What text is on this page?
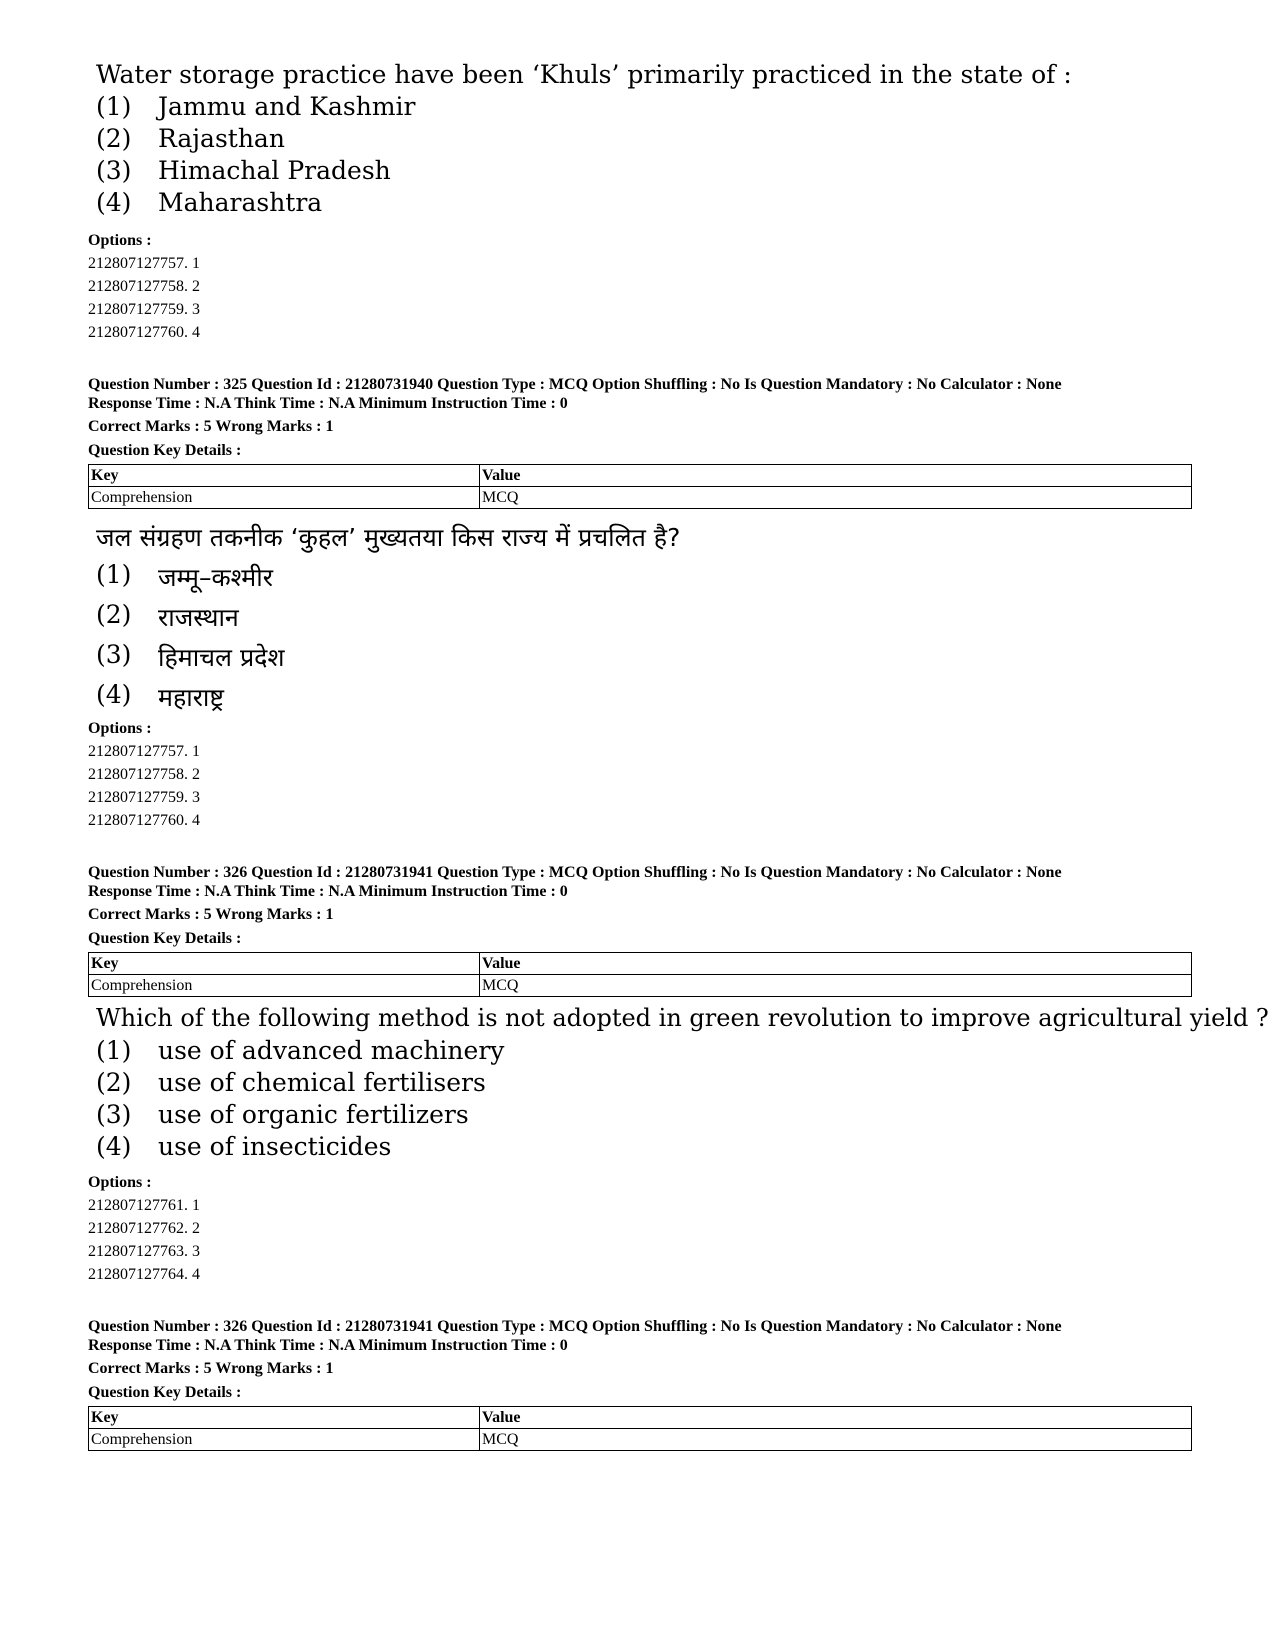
Water storage practice have been ‘Khuls’ primarily practiced in the state of :
(1) Jammu and Kashmir
(2) Rajasthan
(3) Himachal Pradesh
(4) Maharashtra
Options :
212807127757. 1
212807127758. 2
212807127759. 3
212807127760. 4
Question Number : 325 Question Id : 21280731940 Question Type : MCQ Option Shuffling : No Is Question Mandatory : No Calculator : None
Response Time : N.A Think Time : N.A Minimum Instruction Time : 0
Correct Marks : 5 Wrong Marks : 1
Question Key Details :
Key	Value
Comprehension	MCQ
जल संग्रहण तकनीक ‘कुहल’ मुख्यतया किस राज्य में प्रचलित है?
(1) जम्मू–कश्मीर
(2) राजस्थान
(3) हिमाचल प्रदेश
(4) महाराष्ट्र
Options :
212807127757. 1
212807127758. 2
212807127759. 3
212807127760. 4
Question Number : 326 Question Id : 21280731941 Question Type : MCQ Option Shuffling : No Is Question Mandatory : No Calculator : None
Response Time : N.A Think Time : N.A Minimum Instruction Time : 0
Correct Marks : 5 Wrong Marks : 1
Question Key Details :
Key	Value
Comprehension	MCQ
Which of the following method is not adopted in green revolution to improve agricultural yield ?
(1) use of advanced machinery
(2) use of chemical fertilisers
(3) use of organic fertilizers
(4) use of insecticides
Options :
212807127761. 1
212807127762. 2
212807127763. 3
212807127764. 4
Question Number : 326 Question Id : 21280731941 Question Type : MCQ Option Shuffling : No Is Question Mandatory : No Calculator : None
Response Time : N.A Think Time : N.A Minimum Instruction Time : 0
Correct Marks : 5 Wrong Marks : 1
Question Key Details :
Key	Value
Comprehension	MCQ
